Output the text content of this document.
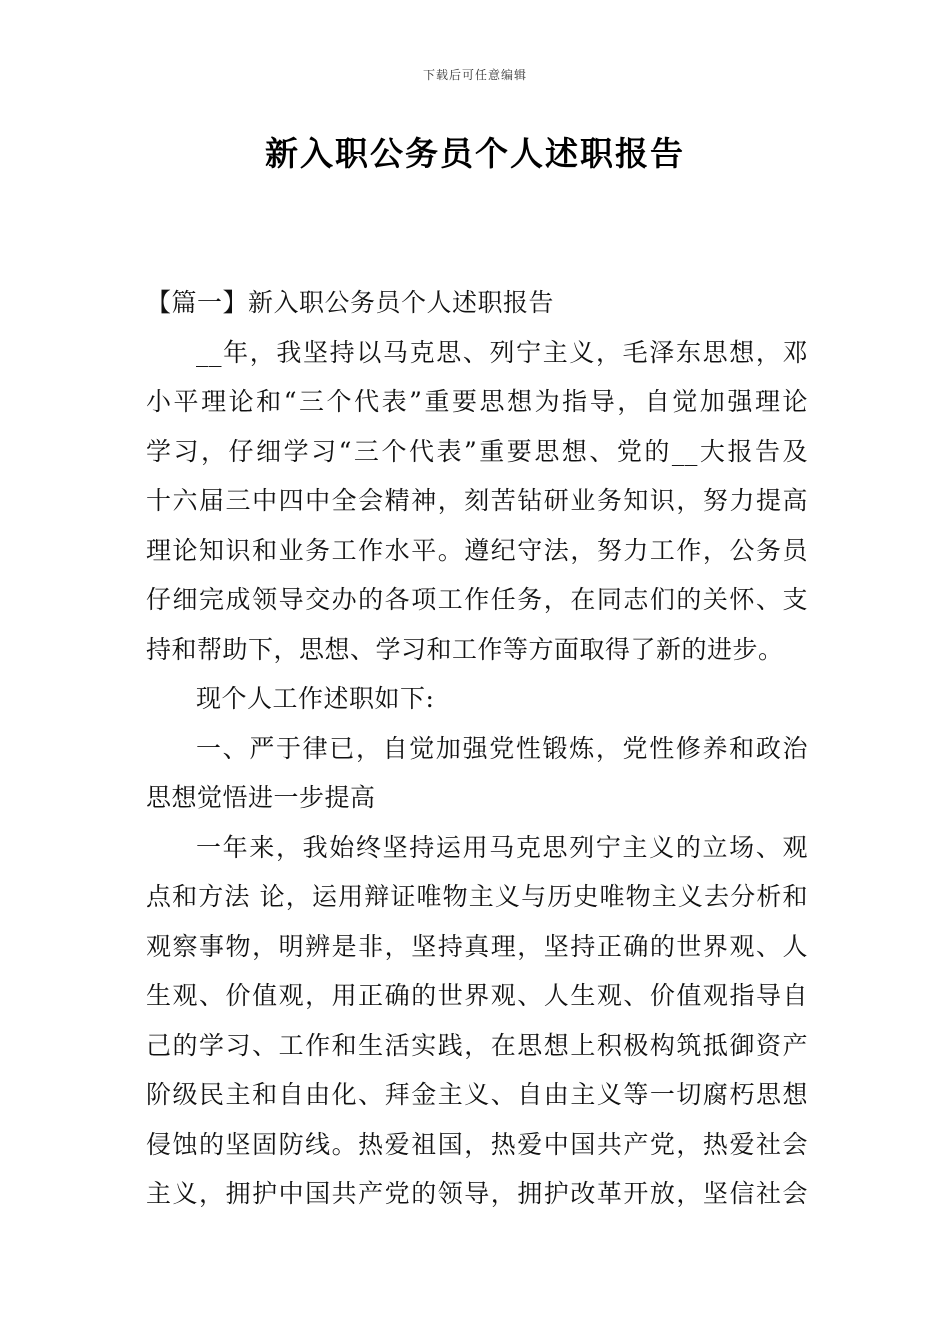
下载后可任意编辑
新入职公务员个人述职报告
【篇一】新入职公务员个人述职报告
__年，我坚持以马克思、列宁主义，毛泽东思想，邓
小平理论和“三个代表”重要思想为指导，自觉加强理论
学习，仔细学习“三个代表”重要思想、党的__大报告及
十六届三中四中全会精神，刻苦钻研业务知识，努力提高
理论知识和业务工作水平。遵纪守法，努力工作，公务员
仔细完成领导交办的各项工作任务，在同志们的关怀、支
持和帮助下，思想、学习和工作等方面取得了新的进步。
现个人工作述职如下:
一、严于律已，自觉加强党性锻炼，党性修养和政治
思想觉悟进一步提高
一年来，我始终坚持运用马克思列宁主义的立场、观
点和方法 论，运用辩证唯物主义与历史唯物主义去分析和
观察事物，明辨是非，坚持真理，坚持正确的世界观、人
生观、价值观，用正确的世界观、人生观、价值观指导自
己的学习、工作和生活实践，在思想上积极构筑抵御资产
阶级民主和自由化、拜金主义、自由主义等一切腐朽思想
侵蚀的坚固防线。热爱祖国，热爱中国共产党，热爱社会
主义，拥护中国共产党的领导，拥护改革开放，坚信社会
